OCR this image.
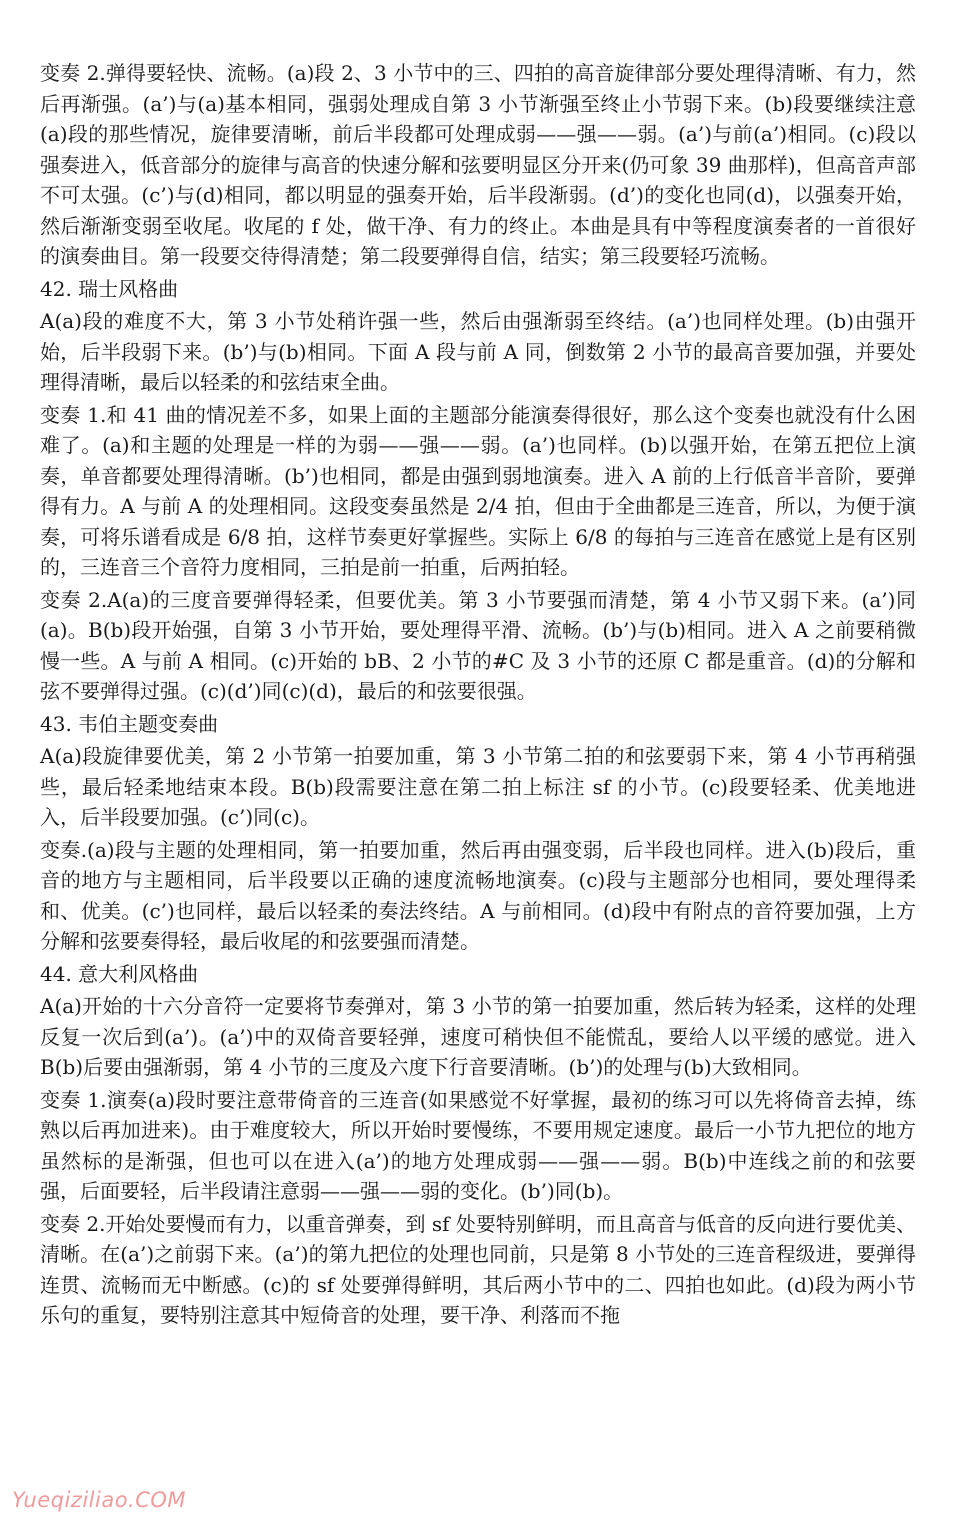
变奏 2.弹得要轻快、流畅。(a)段 2、3 小节中的三、四拍的高音旋律部分要处理得清晰、有力，然后再渐强。(a’)与(a)基本相同，强弱处理成自第 3 小节渐强至终止小节弱下来。(b)段要继续注意(a)段的那些情况，旋律要清晰，前后半段都可处理成弱——强——弱。(a’)与前(a’)相同。(c)段以强奏进入，低音部分的旋律与高音的快速分解和弦要明显区分开来(仍可象 39 曲那样)，但高音声部不可太强。(c’)与(d)相同，都以明显的强奏开始，后半段渐弱。(d’)的变化也同(d)，以强奏开始，然后渐渐变弱至收尾。收尾的 f 处，做干净、有力的终止。本曲是具有中等程度演奏者的一首很好的演奏曲目。第一段要交待得清楚；第二段要弹得自信，结实；第三段要轻巧流畅。
42. 瑞士风格曲
A(a)段的难度不大，第 3 小节处稍许强一些，然后由强渐弱至终结。(a’)也同样处理。(b)由强开始，后半段弱下来。(b’)与(b)相同。下面 A 段与前 A 同，倒数第 2 小节的最高音要加强，并要处理得清晰，最后以轻柔的和弦结束全曲。
变奏 1.和 41 曲的情况差不多，如果上面的主题部分能演奏得很好，那么这个变奏也就没有什么困难了。(a)和主题的处理是一样的为弱——强——弱。(a’)也同样。(b)以强开始，在第五把位上演奏，单音都要处理得清晰。(b’)也相同，都是由强到弱地演奏。进入 A 前的上行低音半音阶，要弹得有力。A 与前 A 的处理相同。这段变奏虽然是 2/4 拍，但由于全曲都是三连音，所以，为便于演奏，可将乐谱看成是 6/8 拍，这样节奏更好掌握些。实际上 6/8 的每拍与三连音在感觉上是有区别的，三连音三个音符力度相同，三拍是前一拍重，后两拍轻。
变奏 2.A(a)的三度音要弹得轻柔，但要优美。第 3 小节要强而清楚，第 4 小节又弱下来。(a’)同(a)。B(b)段开始强，自第 3 小节开始，要处理得平滑、流畅。(b’)与(b)相同。进入 A 之前要稍微慢一些。A 与前 A 相同。(c)开始的 bB、2 小节的#C 及 3 小节的还原 C 都是重音。(d)的分解和弦不要弹得过强。(c)(d’)同(c)(d)，最后的和弦要很强。
43. 韦伯主题变奏曲
A(a)段旋律要优美，第 2 小节第一拍要加重，第 3 小节第二拍的和弦要弱下来，第 4 小节再稍强些，最后轻柔地结束本段。B(b)段需要注意在第二拍上标注 sf 的小节。(c)段要轻柔、优美地进入，后半段要加强。(c’)同(c)。
变奏.(a)段与主题的处理相同，第一拍要加重，然后再由强变弱，后半段也同样。进入(b)段后，重音的地方与主题相同，后半段要以正确的速度流畅地演奏。(c)段与主题部分也相同，要处理得柔和、优美。(c’)也同样，最后以轻柔的奏法终结。A 与前相同。(d)段中有附点的音符要加强，上方分解和弦要奏得轻，最后收尾的和弦要强而清楚。
44. 意大利风格曲
A(a)开始的十六分音符一定要将节奏弹对，第 3 小节的第一拍要加重，然后转为轻柔，这样的处理反复一次后到(a’)。(a’)中的双倚音要轻弹，速度可稍快但不能慌乱，要给人以平缓的感觉。进入 B(b)后要由强渐弱，第 4 小节的三度及六度下行音要清晰。(b’)的处理与(b)大致相同。
变奏 1.演奏(a)段时要注意带倚音的三连音(如果感觉不好掌握，最初的练习可以先将倚音去掉，练熟以后再加进来)。由于难度较大，所以开始时要慢练，不要用规定速度。最后一小节九把位的地方虽然标的是渐强，但也可以在进入(a’)的地方处理成弱——强——弱。B(b)中连线之前的和弦要强，后面要轻，后半段请注意弱——强——弱的变化。(b’)同(b)。
变奏 2.开始处要慢而有力，以重音弹奏，到 sf 处要特别鲜明，而且高音与低音的反向进行要优美、清晰。在(a’)之前弱下来。(a’)的第九把位的处理也同前，只是第 8 小节处的三连音程级进，要弹得连贯、流畅而无中断感。(c)的 sf 处要弹得鲜明，其后两小节中的二、四拍也如此。(d)段为两小节乐句的重复，要特别注意其中短倚音的处理，要干净、利落而不拖
Yueqiziliao.COM
